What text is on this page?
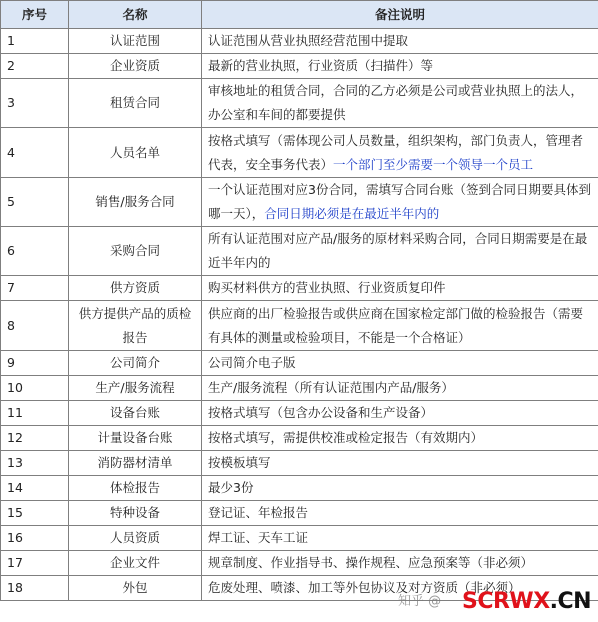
序号	名称	备注说明
1	认证范围	认证范围从营业执照经营范围中提取
2	企业资质	最新的营业执照，行业资质（扫描件）等
3	租赁合同	审核地址的租赁合同，合同的乙方必须是公司或营业执照上的法人，办公室和车间的都要提供
4	人员名单	按格式填写（需体现公司人员数量，组织架构，部门负责人，管理者代表，安全事务代表）一个部门至少需要一个领导一个员工
5	销售/服务合同	一个认证范围对应3份合同，需填写合同台账（签到合同日期要具体到哪一天），合同日期必须是在最近半年内的
6	采购合同	所有认证范围对应产品/服务的原材料采购合同，合同日期需要是在最近半年内的
7	供方资质	购买材料供方的营业执照、行业资质复印件
8	供方提供产品的质检报告	供应商的出厂检验报告或供应商在国家检定部门做的检验报告（需要有具体的测量或检验项目，不能是一个合格证）
9	公司简介	公司简介电子版
10	生产/服务流程	生产/服务流程（所有认证范围内产品/服务）
11	设备台账	按格式填写（包含办公设备和生产设备）
12	计量设备台账	按格式填写，需提供校准或检定报告（有效期内）
13	消防器材清单	按模板填写
14	体检报告	最少3份
15	特种设备	登记证、年检报告
16	人员资质	焊工证、天车工证
17	企业文件	规章制度、作业指导书、操作规程、应急预案等（非必须）
18	外包	危废处理、喷漆、加工等外包协议及对方资质（非必须）
知乎 @ SCRWX.CN
